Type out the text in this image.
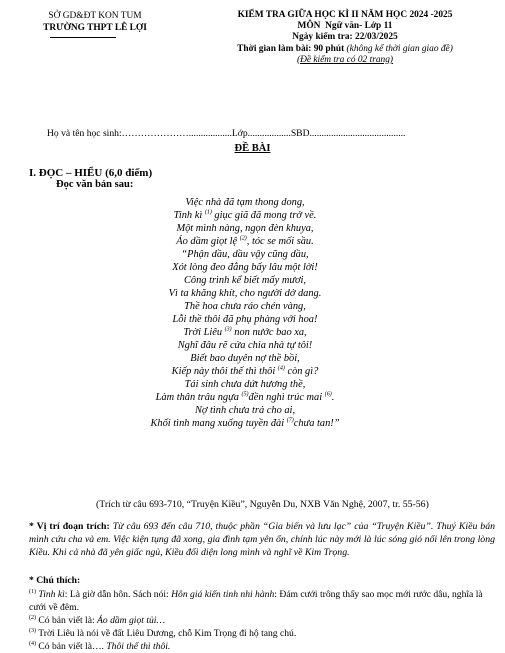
SỞ GD&ĐT KON TUM
TRƯỜNG THPT LÊ LỢI
KIỂM TRA GIỮA HỌC KÌ II NĂM HỌC 2024 -2025
MÔN Ngữ văn- Lớp 11
Ngày kiểm tra: 22/03/2025
Thời gian làm bài: 90 phút (không kể thời gian giao đề)
(Đề kiểm tra có 02 trang)
Họ và tên học sinh:…………………..................Lớp..................SBD........................................
ĐỀ BÀI
I. ĐỌC – HIỂU (6,0 điểm)
Đọc văn bản sau:
Việc nhà đã tạm thong dong,
Tinh kì $^{(1)}$ giục giã đã mong trở về.
Một mình nàng, ngọn đèn khuya,
Áo dầm giọt lệ $^{(2)}$, tóc se mối sầu.
“Phận dầu, dầu vậy cũng dầu,
Xót lòng đeo đẳng bấy lâu một lời!
Công trình kể biết mấy mươi,
Vì ta khăng khít, cho người dở dang.
Thề hoa chưa ráo chén vàng,
Lỗi thề thôi đã phụ phàng với hoa!
Trời Liêu $^{(3)}$ non nước bao xa,
Nghĩ đâu rẽ cửa chia nhà tự tôi!
Biết bao duyên nợ thề bồi,
Kiếp này thôi thế thì thôi $^{(4)}$ còn gì?
Tái sinh chưa dứt hương thề,
Làm thân trâu ngựa $^{(5)}$đền nghì trúc mai $^{(6)}$.
Nợ tình chưa trả cho ai,
Khối tình mang xuống tuyền đài $^{(7)}$chưa tan!”
(Trích từ câu 693-710, “Truyện Kiều”, Nguyễn Du, NXB Văn Nghệ, 2007, tr. 55-56)
* Vị trí đoạn trích: Từ câu 693 đến câu 710, thuộc phần “Gia biến và lưu lạc” của “Truyện Kiều”. Thuý Kiều bán mình cứu cha và em. Việc kiện tụng đã xong, gia đình tạm yên ổn, chính lúc này mới là lúc sóng gió nổi lên trong lòng Kiều. Khi cả nhà đã yên giấc ngủ, Kiều đối diện long mình và nghĩ về Kim Trọng.
* Chú thích:
$^{(1)}$ Tinh kì: Là giờ dẫn hôn. Sách nói: Hôn giá kiến tinh nhi hành: Đám cưới trông thấy sao mọc mới rước dâu, nghĩa là cưới về đêm.
$^{(2)}$ Có bản viết là: Áo dầm giọt tủi…
$^{(3)}$ Trời Liêu là nói về đất Liêu Dương, chỗ Kim Trọng đi hộ tang chú.
$^{(4)}$ Có bản viết là…. Thôi thế thì thôi.
